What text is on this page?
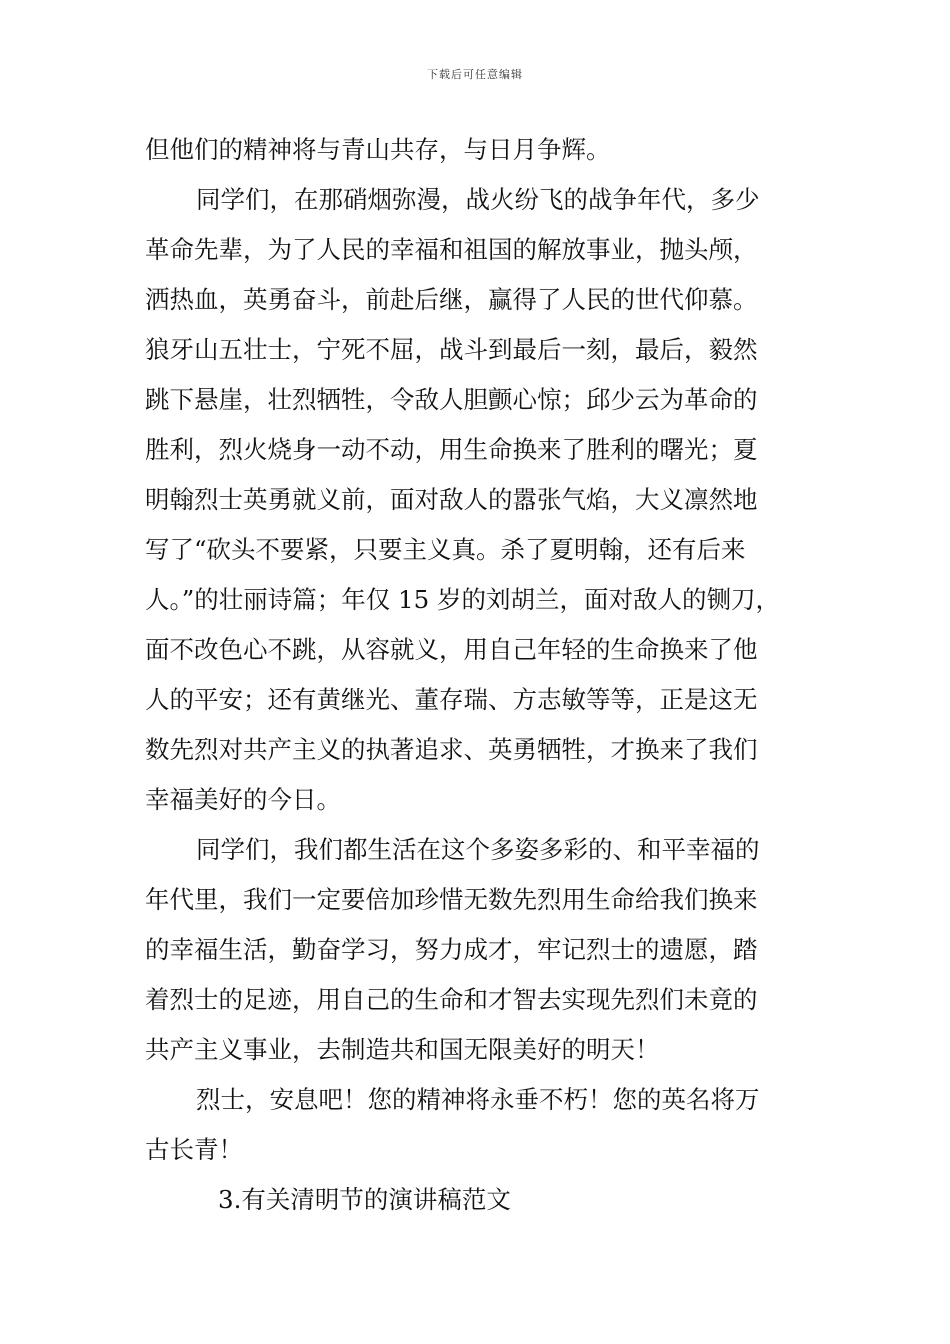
下载后可任意编辑
但他们的精神将与青山共存，与日月争辉。
同学们，在那硝烟弥漫，战火纷飞的战争年代，多少
革命先辈，为了人民的幸福和祖国的解放事业，抛头颅，
洒热血，英勇奋斗，前赴后继，赢得了人民的世代仰慕。
狼牙山五壮士，宁死不屈，战斗到最后一刻，最后，毅然
跳下悬崖，壮烈牺牲，令敌人胆颤心惊；邱少云为革命的
胜利，烈火烧身一动不动，用生命换来了胜利的曙光；夏
明翰烈士英勇就义前，面对敌人的嚣张气焰，大义凛然地
写了“砍头不要紧，只要主义真。杀了夏明翰，还有后来
人。”的壮丽诗篇；年仅 15 岁的刘胡兰，面对敌人的铡刀，
面不改色心不跳，从容就义，用自己年轻的生命换来了他
人的平安；还有黄继光、董存瑞、方志敏等等，正是这无
数先烈对共产主义的执著追求、英勇牺牲，才换来了我们
幸福美好的今日。
同学们，我们都生活在这个多姿多彩的、和平幸福的
年代里，我们一定要倍加珍惜无数先烈用生命给我们换来
的幸福生活，勤奋学习，努力成才，牢记烈士的遗愿，踏
着烈士的足迹，用自己的生命和才智去实现先烈们未竟的
共产主义事业，去制造共和国无限美好的明天！
烈士，安息吧！您的精神将永垂不朽！您的英名将万
古长青！
3.有关清明节的演讲稿范文
